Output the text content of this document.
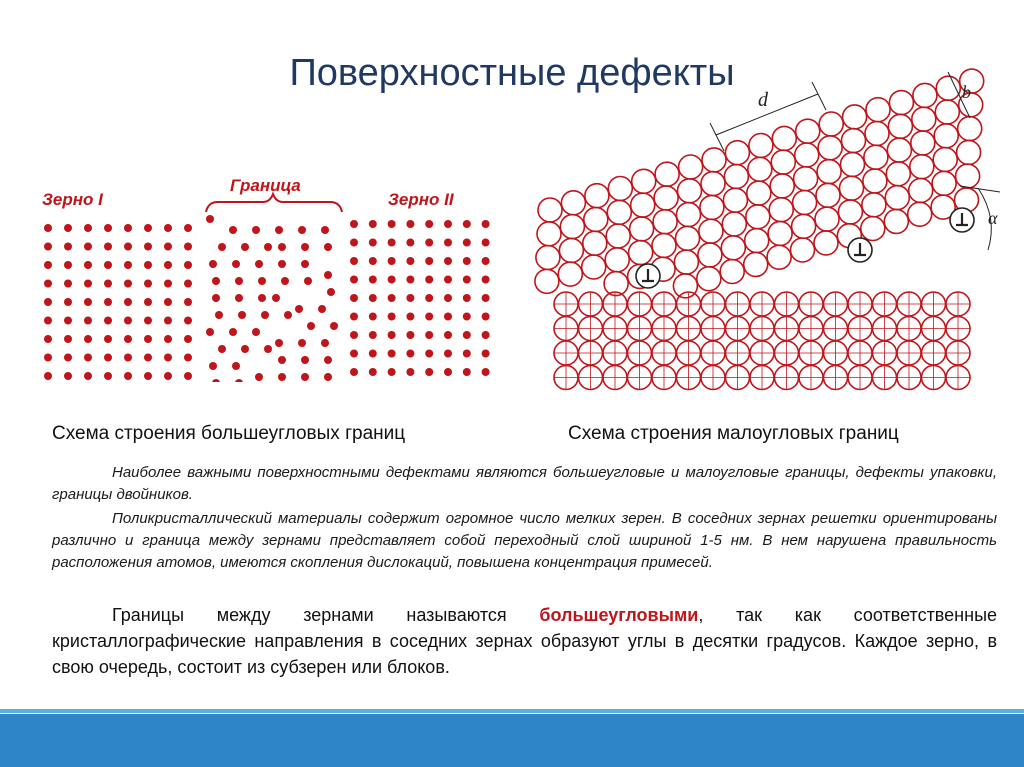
Поверхностные дефекты
Зерно I
Граница
Зерно II
d	b
α
Схема строения большеугловых границ	Схема строения малоугловых границ
Наиболее важными поверхностными дефектами являются большеугловые и малоугловые границы, дефекты упаковки, границы двойников.
Поликристаллический материалы содержит огромное число мелких зерен. В соседних зернах решетки ориентированы различно и граница между зернами представляет собой переходный слой шириной 1-5 нм. В нем нарушена правильность расположения атомов, имеются скопления дислокаций, повышена концентрация примесей.
Границы между зернами называются большеугловыми, так как соответственные кристаллографические направления в соседних зернах образуют углы в десятки градусов. Каждое зерно, в свою очередь, состоит из субзерен или блоков.
